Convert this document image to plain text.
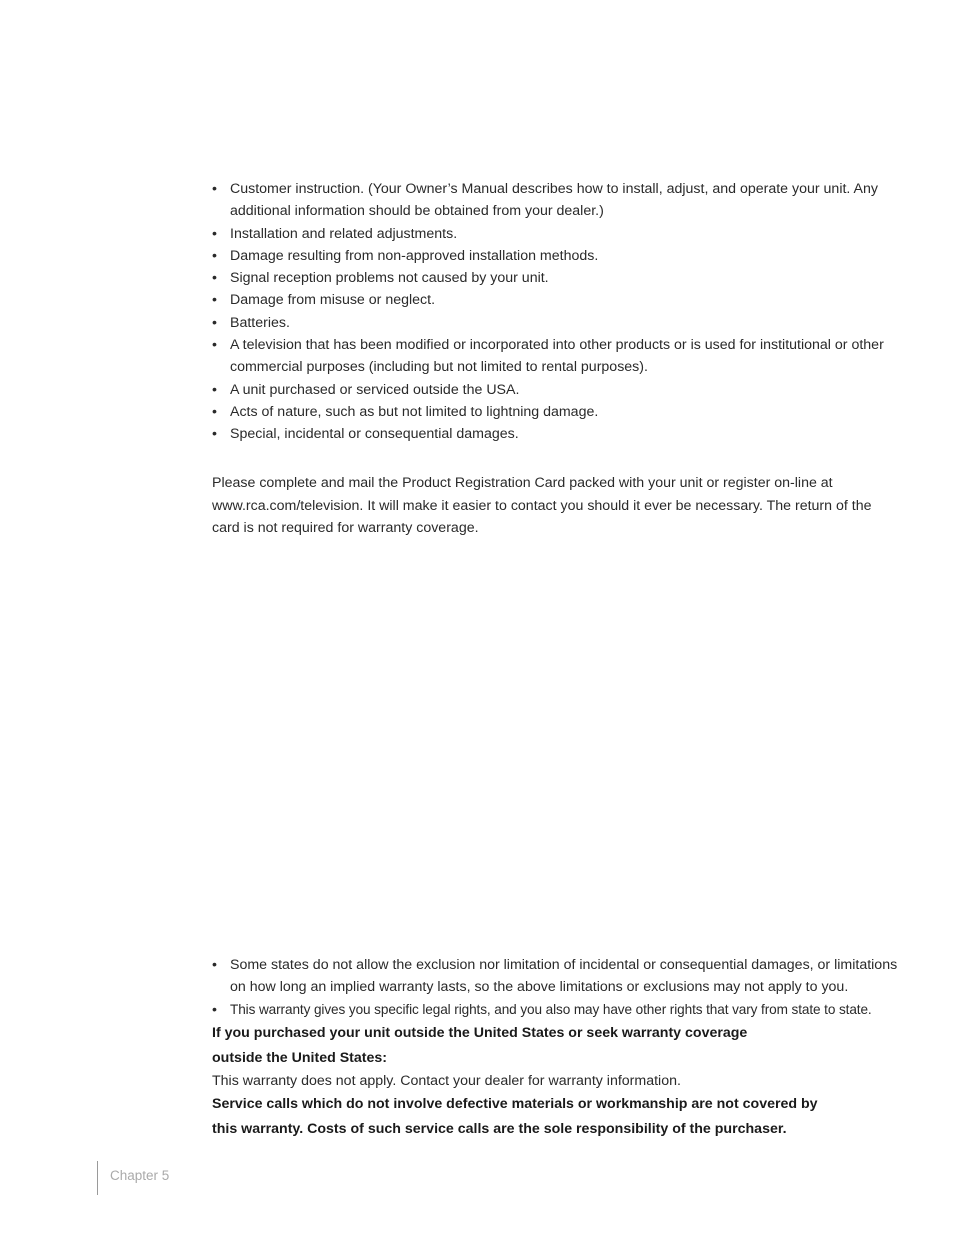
• Customer instruction. (Your Owner’s Manual describes how to install, adjust, and operate your unit. Any additional information should be obtained from your dealer.)
• Installation and related adjustments.
• Damage resulting from non-approved installation methods.
• Signal reception problems not caused by your unit.
• Damage from misuse or neglect.
• Batteries.
• A television that has been modified or incorporated into other products or is used for institutional or other commercial purposes (including but not limited to rental purposes).
• A unit purchased or serviced outside the USA.
• Acts of nature, such as but not limited to lightning damage.
• Special, incidental or consequential damages.

Please complete and mail the Product Registration Card packed with your unit or register on-line at www.rca.com/television. It will make it easier to contact you should it ever be necessary. The return of the card is not required for warranty coverage.

• Some states do not allow the exclusion nor limitation of incidental or consequential damages, or limitations on how long an implied warranty lasts, so the above limitations or exclusions may not apply to you.
• This warranty gives you specific legal rights, and you also may have other rights that vary from state to state.

If you purchased your unit outside the United States or seek warranty coverage outside the United States:

This warranty does not apply. Contact your dealer for warranty information.

Service calls which do not involve defective materials or workmanship are not covered by this warranty. Costs of such service calls are the sole responsibility of the purchaser.

Chapter 5
